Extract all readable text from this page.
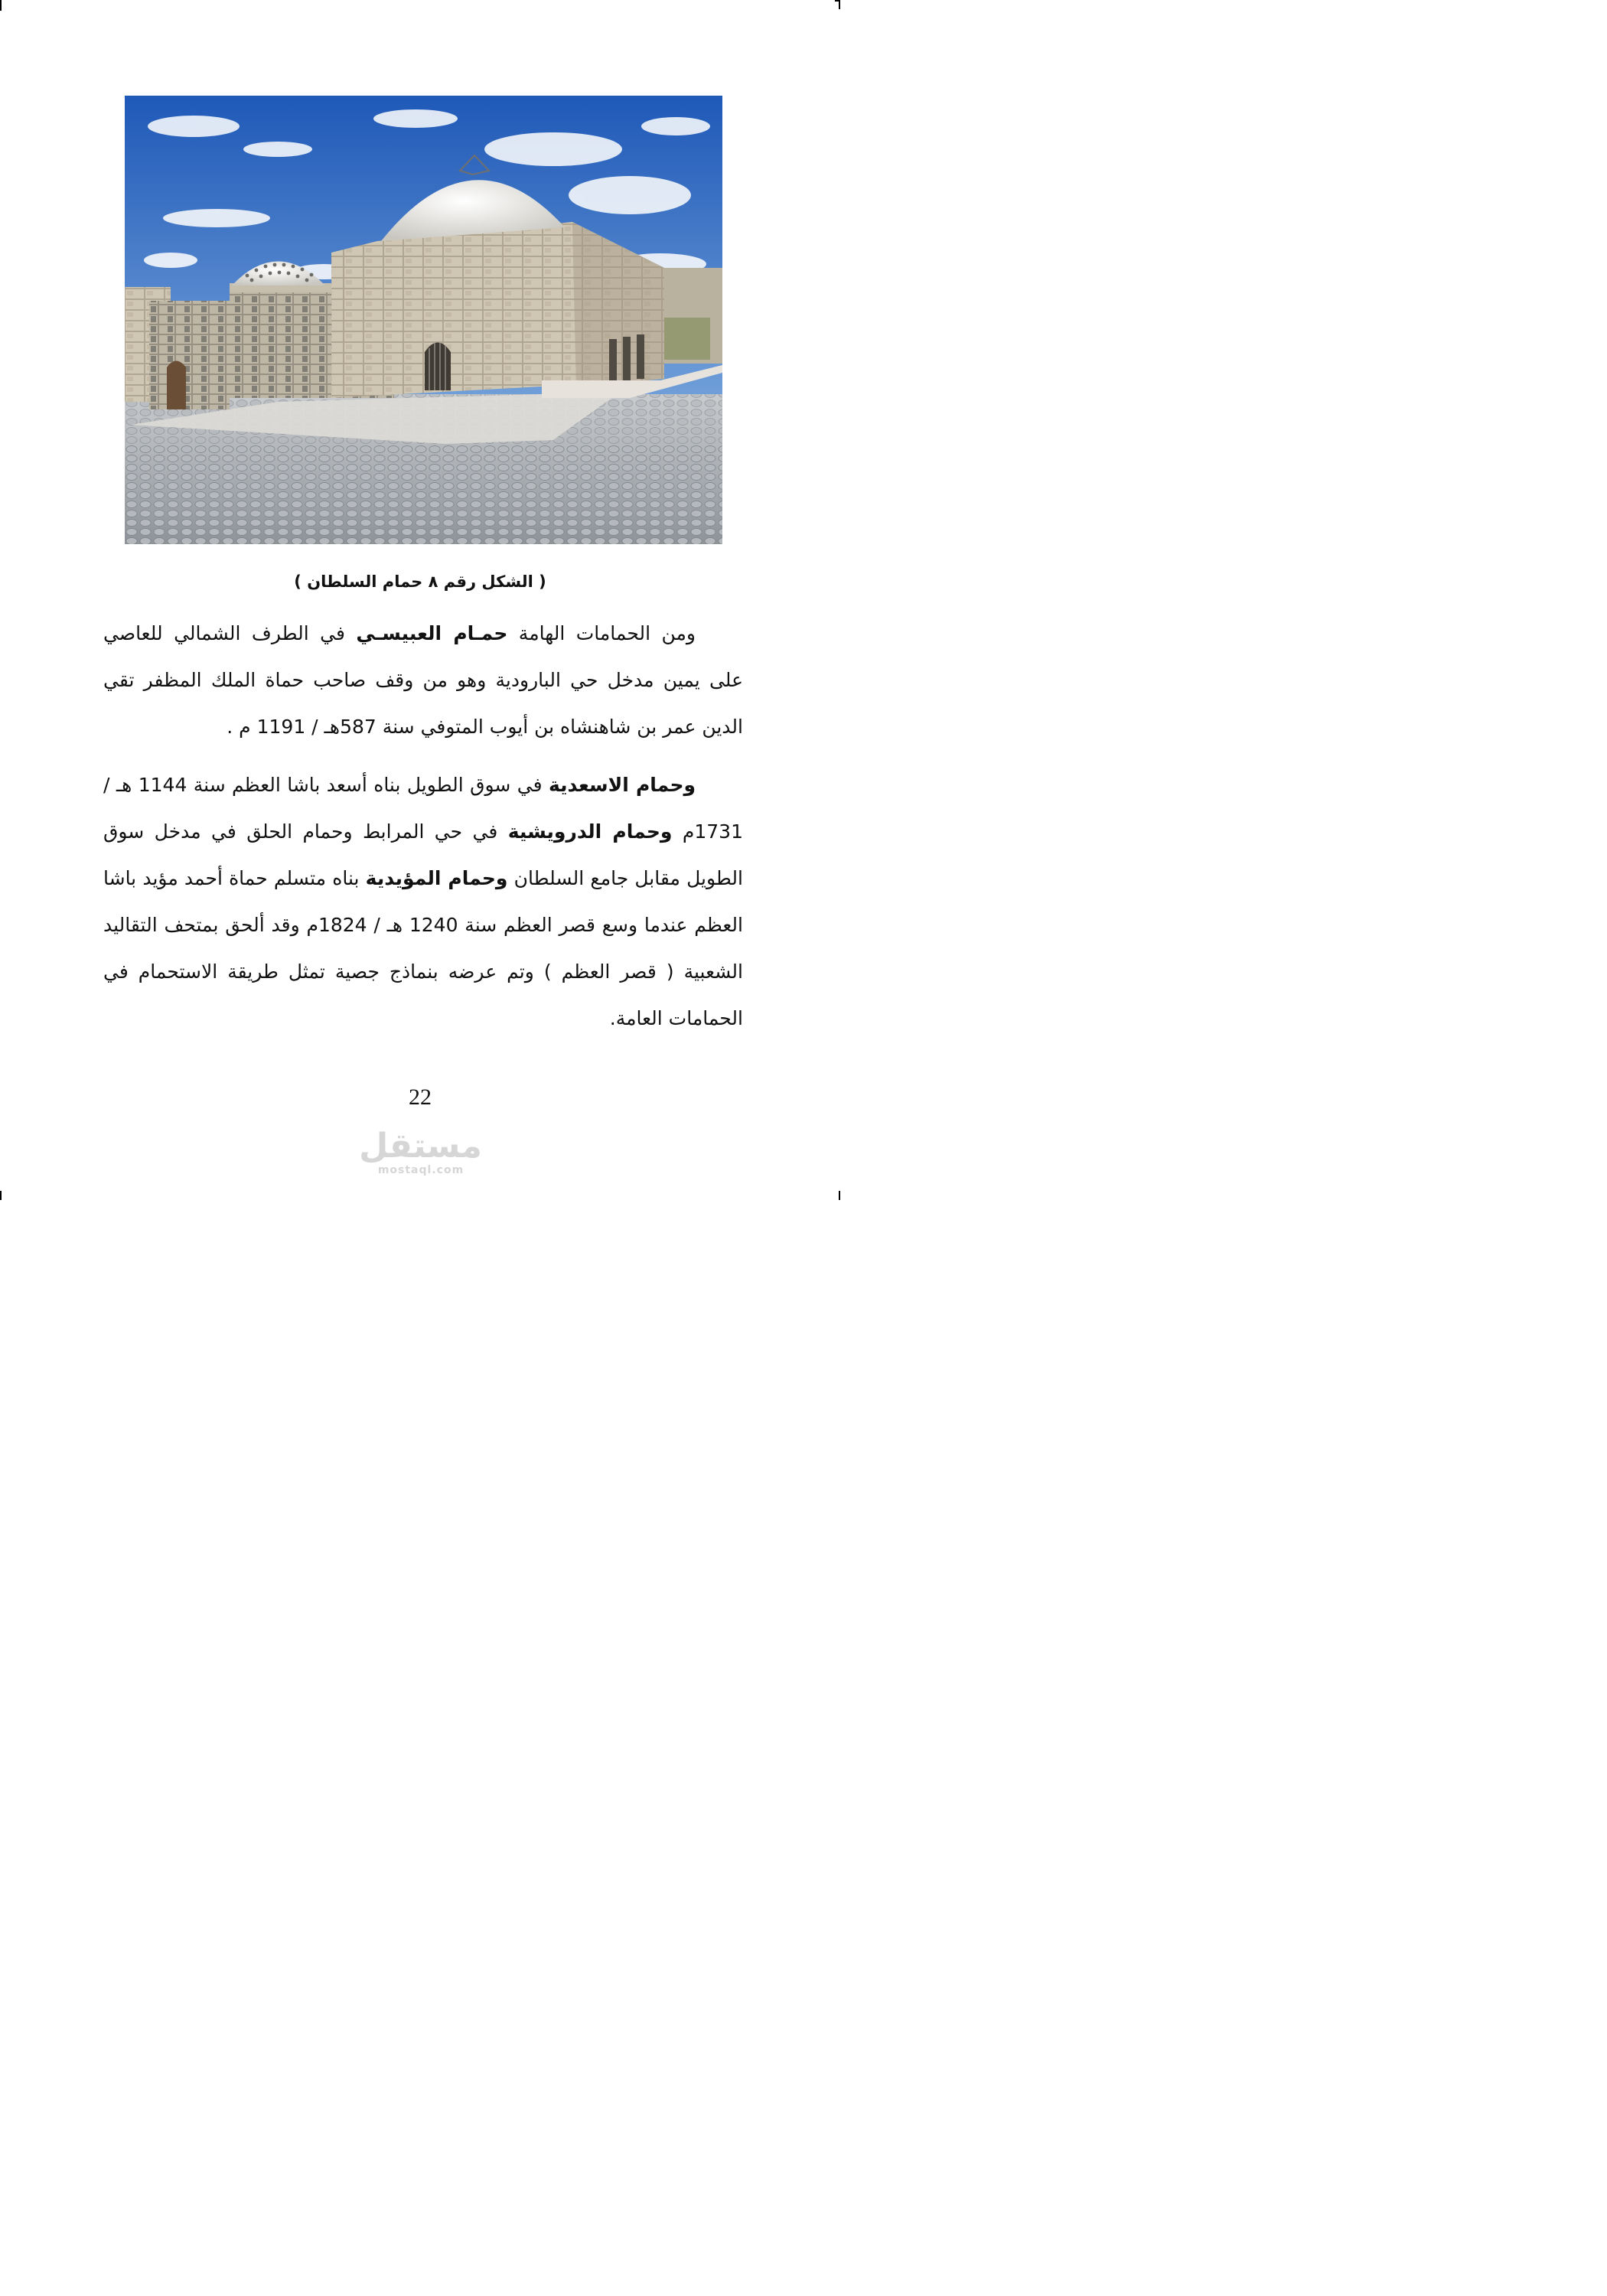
( الشكل رقم ٨ حمام السلطان )

ومن الحمامات الهامة حمـام العبيسـي في الطرف الشمالي للعاصي على يمين مدخل حي البارودية وهو من وقف صاحب حماة الملك المظفر تقي الدين عمر بن شاهنشاه بن أيوب المتوفي سنة 587هـ / 1191 م .

وحمام الاسعدية في سوق الطويل بناه أسعد باشا العظم سنة 1144 هـ / 1731م وحمام الدرويشية في حي المرابط وحمام الحلق في مدخل سوق الطويل مقابل جامع السلطان وحمام المؤيدية بناه متسلم حماة أحمد مؤيد باشا العظم عندما وسع قصر العظم سنة 1240 هـ / 1824م وقد ألحق بمتحف التقاليد الشعبية ( قصر العظم ) وتم عرضه بنماذج جصية تمثل طريقة الاستحمام في الحمامات العامة.

22
مستقل
mostaql.com
